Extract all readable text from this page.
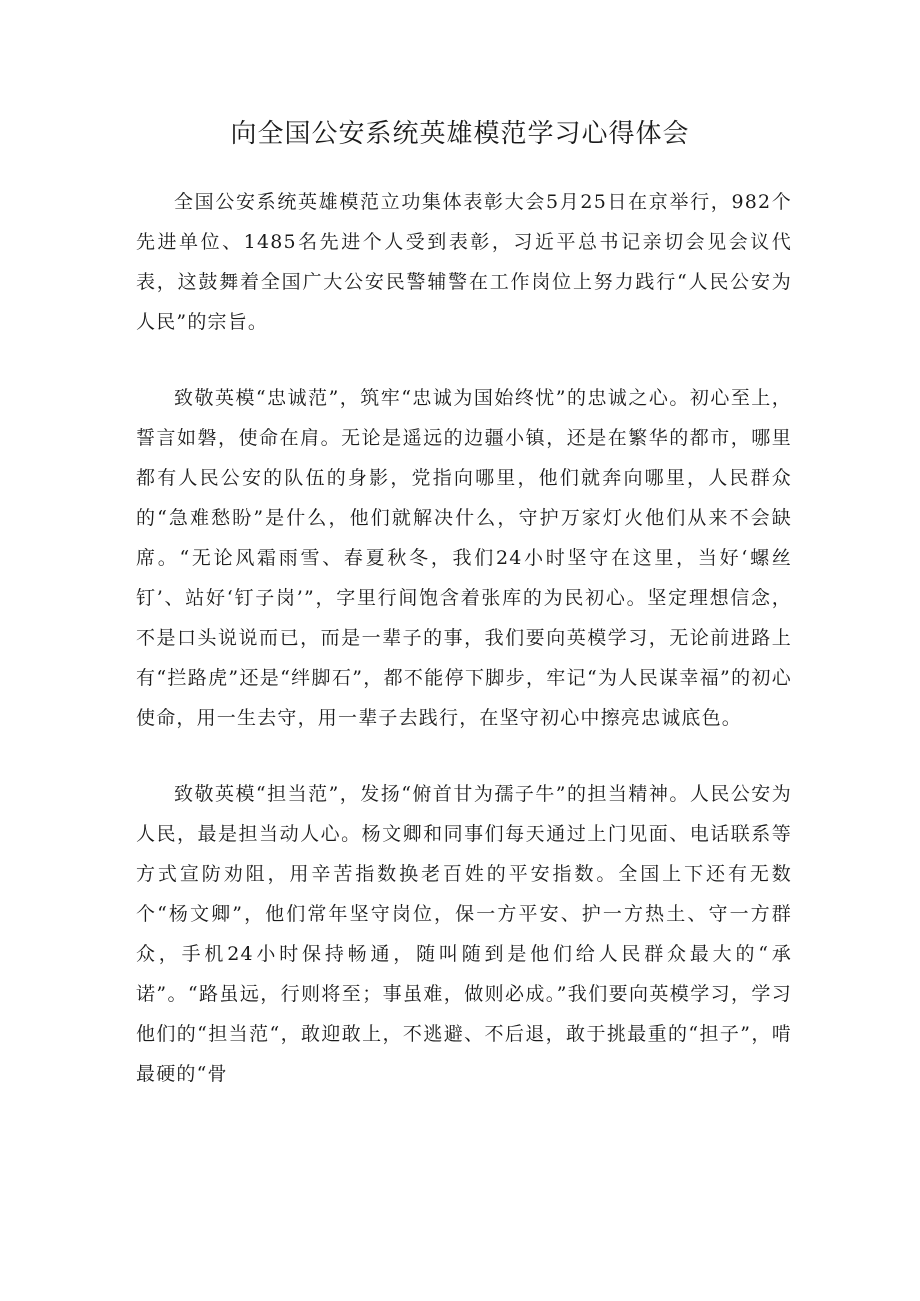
向全国公安系统英雄模范学习心得体会

全国公安系统英雄模范立功集体表彰大会5月25日在京举行，982个先进单位、1485名先进个人受到表彰，习近平总书记亲切会见会议代表，这鼓舞着全国广大公安民警辅警在工作岗位上努力践行“人民公安为人民”的宗旨。

致敬英模“忠诚范”，筑牢“忠诚为国始终忧”的忠诚之心。初心至上，誓言如磐，使命在肩。无论是遥远的边疆小镇，还是在繁华的都市，哪里都有人民公安的队伍的身影，党指向哪里，他们就奔向哪里，人民群众的“急难愁盼”是什么，他们就解决什么，守护万家灯火他们从来不会缺席。“无论风霜雨雪、春夏秋冬，我们24小时坚守在这里，当好‘螺丝钉’、站好‘钉子岗’”，字里行间饱含着张库的为民初心。坚定理想信念，不是口头说说而已，而是一辈子的事，我们要向英模学习，无论前进路上有“拦路虎”还是“绊脚石”，都不能停下脚步，牢记“为人民谋幸福”的初心使命，用一生去守，用一辈子去践行，在坚守初心中擦亮忠诚底色。

致敬英模“担当范”，发扬“俯首甘为孺子牛”的担当精神。人民公安为人民，最是担当动人心。杨文卿和同事们每天通过上门见面、电话联系等方式宣防劝阻，用辛苦指数换老百姓的平安指数。全国上下还有无数个“杨文卿”，他们常年坚守岗位，保一方平安、护一方热土、守一方群众，手机24小时保持畅通，随叫随到是他们给人民群众最大的“承诺”。“路虽远，行则将至；事虽难，做则必成。”我们要向英模学习，学习他们的“担当范“，敢迎敢上，不逃避、不后退，敢于挑最重的“担子”，啃最硬的“骨
